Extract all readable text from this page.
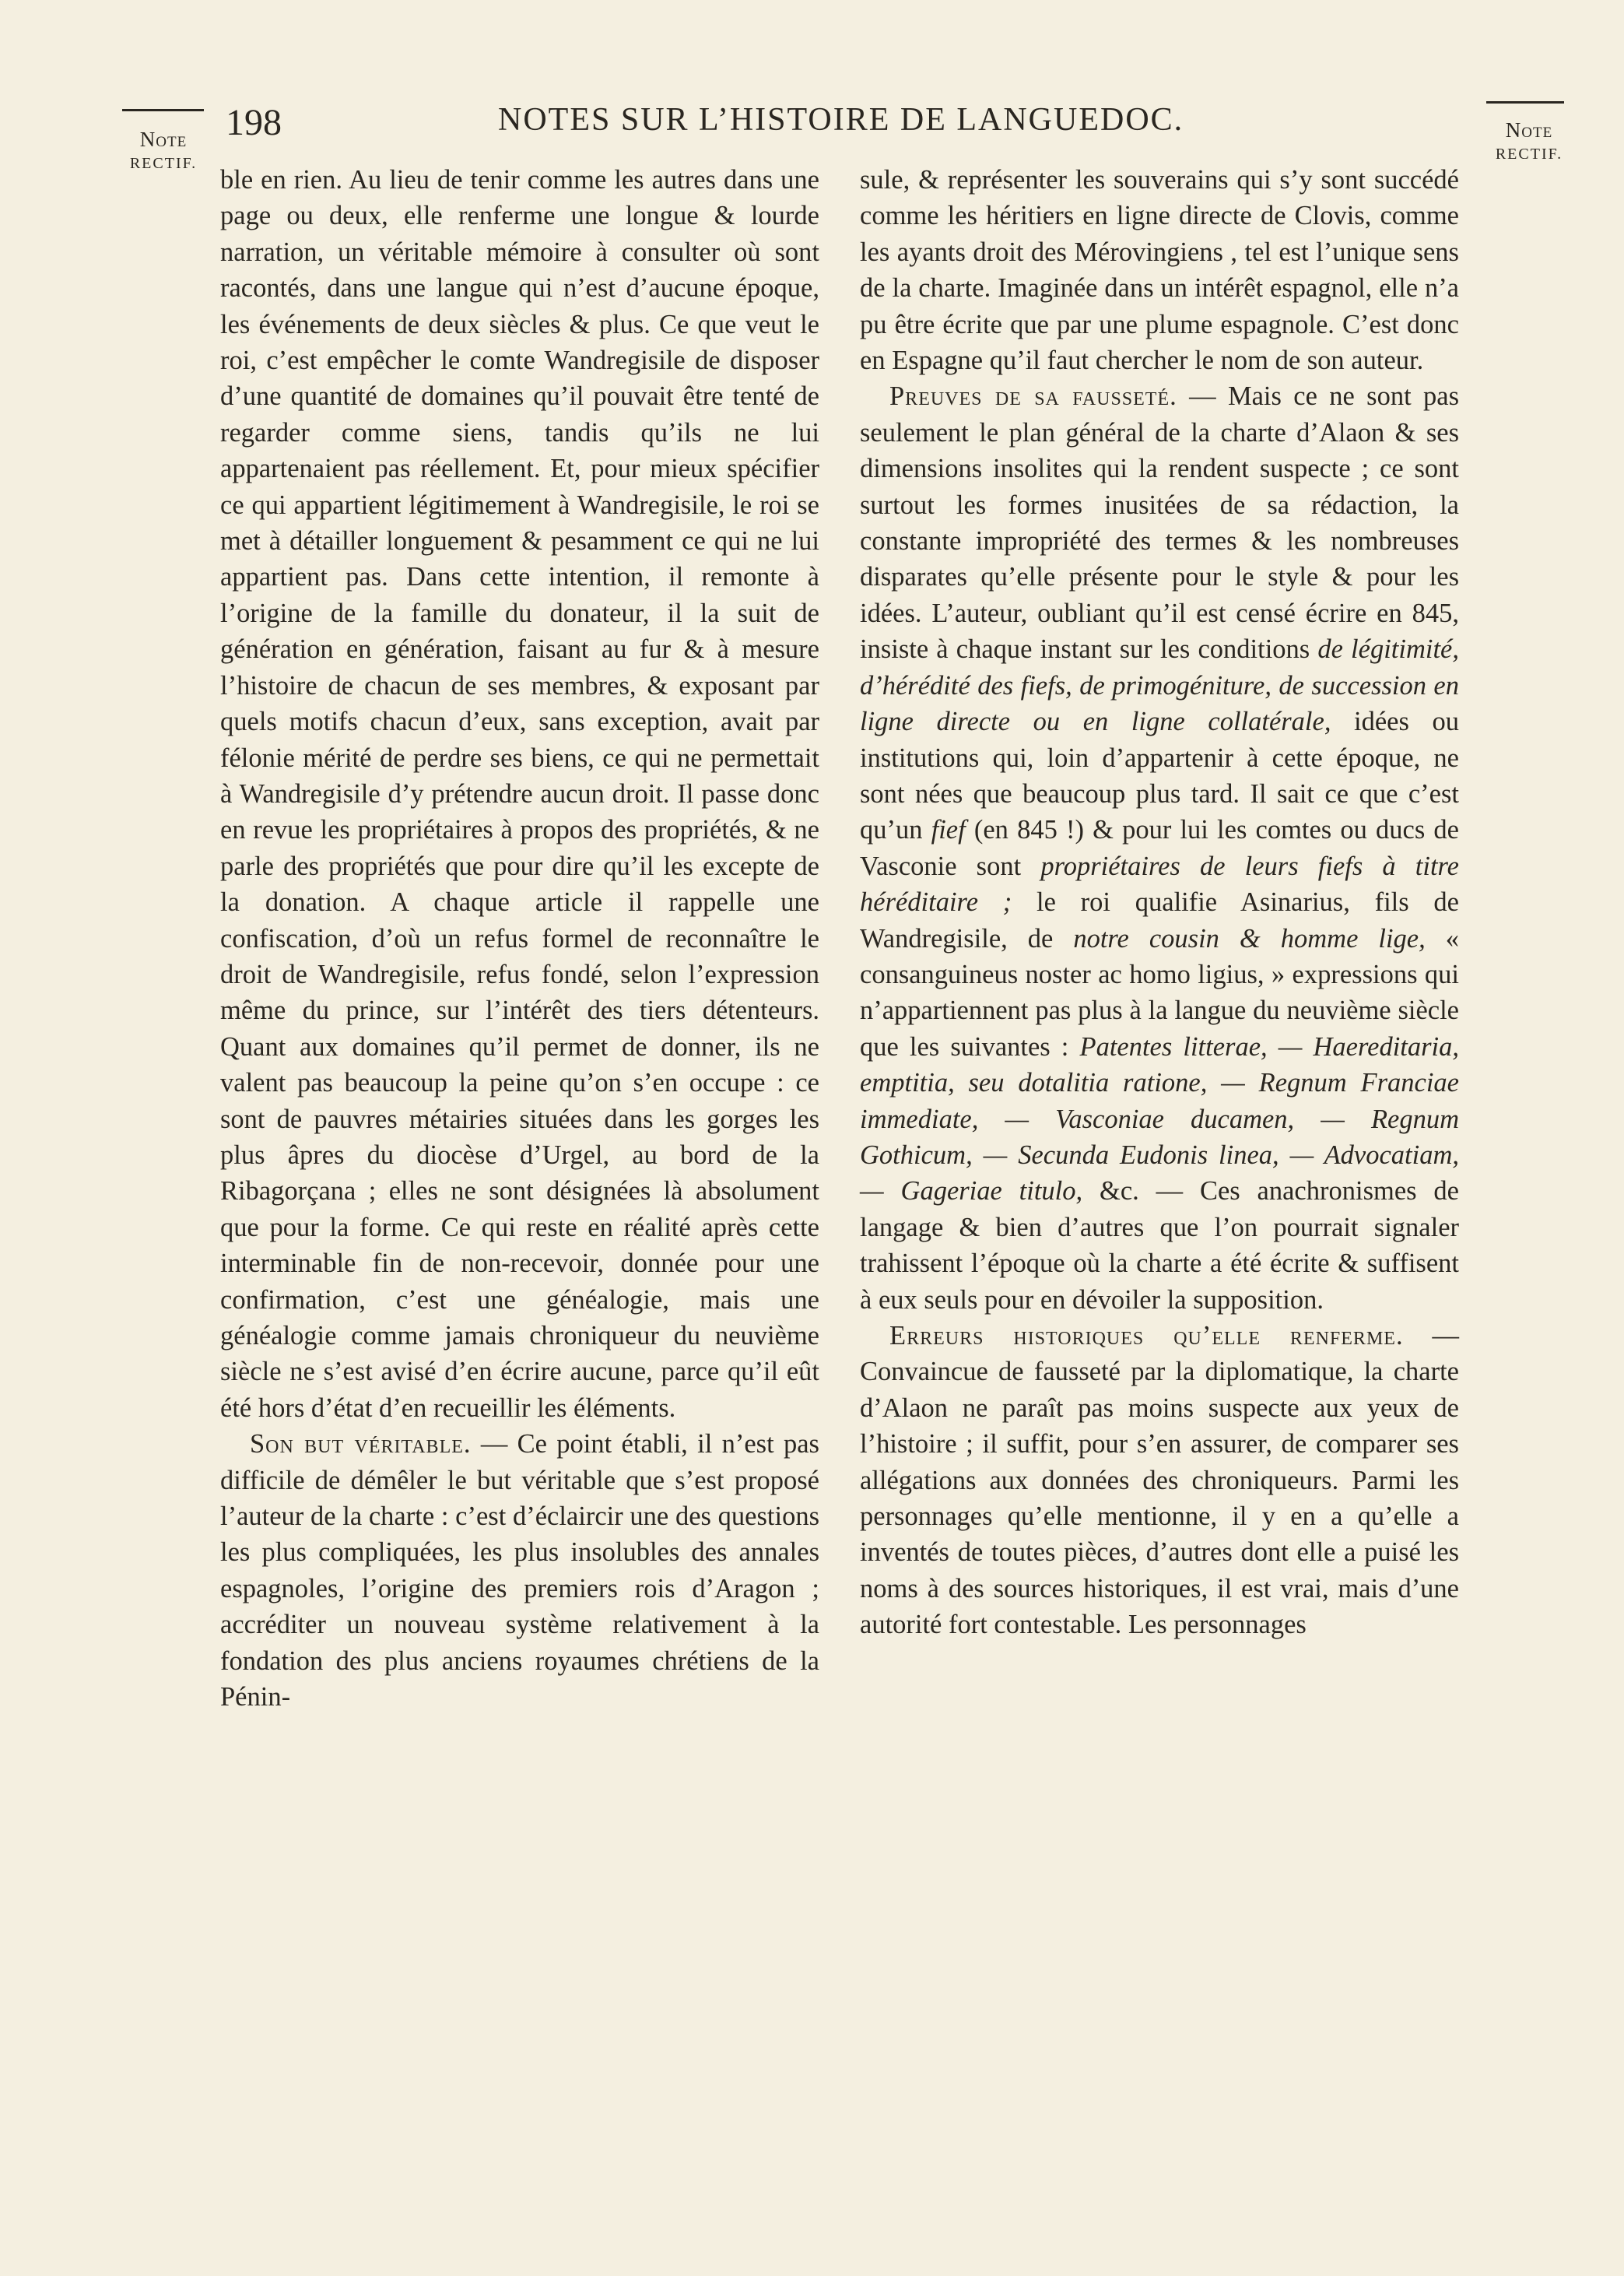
Note
RECTIF.
Note
RECTIF.
198	NOTES SUR L’HISTOIRE DE LANGUEDOC.

ble en rien. Au lieu de tenir comme les autres dans une page ou deux, elle renferme une longue & lourde narration, un véritable mémoire à consulter où sont racontés, dans une langue qui n’est d’aucune époque, les événements de deux siècles & plus. Ce que veut le roi, c’est empêcher le comte Wandregisile de disposer d’une quantité de domaines qu’il pouvait être tenté de regarder comme siens, tandis qu’ils ne lui appartenaient pas réellement. Et, pour mieux spécifier ce qui appartient légitimement à Wandregisile, le roi se met à détailler longuement & pesamment ce qui ne lui appartient pas. Dans cette intention, il remonte à l’origine de la famille du donateur, il la suit de génération en génération, faisant au fur & à mesure l’histoire de chacun de ses membres, & exposant par quels motifs chacun d’eux, sans exception, avait par félonie mérité de perdre ses biens, ce qui ne permettait à Wandregisile d’y prétendre aucun droit. Il passe donc en revue les propriétaires à propos des propriétés, & ne parle des propriétés que pour dire qu’il les excepte de la donation. A chaque article il rappelle une confiscation, d’où un refus formel de reconnaître le droit de Wandregisile, refus fondé, selon l’expression même du prince, sur l’intérêt des tiers détenteurs. Quant aux domaines qu’il permet de donner, ils ne valent pas beaucoup la peine qu’on s’en occupe : ce sont de pauvres métairies situées dans les gorges les plus âpres du diocèse d’Urgel, au bord de la Ribagorçana ; elles ne sont désignées là absolument que pour la forme. Ce qui reste en réalité après cette interminable fin de non-recevoir, donnée pour une confirmation, c’est une généalogie, mais une généalogie comme jamais chroniqueur du neuvième siècle ne s’est avisé d’en écrire aucune, parce qu’il eût été hors d’état d’en recueillir les éléments.

Son but véritable. — Ce point établi, il n’est pas difficile de démêler le but véritable que s’est proposé l’auteur de la charte : c’est d’éclaircir une des questions les plus compliquées, les plus insolubles des annales espagnoles, l’origine des premiers rois d’Aragon ; accréditer un nouveau système relativement à la fondation des plus anciens royaumes chrétiens de la Pénin-

sule, & représenter les souverains qui s’y sont succédé comme les héritiers en ligne directe de Clovis, comme les ayants droit des Mérovingiens , tel est l’unique sens de la charte. Imaginée dans un intérêt espagnol, elle n’a pu être écrite que par une plume espagnole. C’est donc en Espagne qu’il faut chercher le nom de son auteur.

Preuves de sa fausseté. — Mais ce ne sont pas seulement le plan général de la charte d’Alaon & ses dimensions insolites qui la rendent suspecte ; ce sont surtout les formes inusitées de sa rédaction, la constante impropriété des termes & les nombreuses disparates qu’elle présente pour le style & pour les idées. L’auteur, oubliant qu’il est censé écrire en 845, insiste à chaque instant sur les conditions de légitimité, d’hérédité des fiefs, de primogéniture, de succession en ligne directe ou en ligne collatérale, idées ou institutions qui, loin d’appartenir à cette époque, ne sont nées que beaucoup plus tard. Il sait ce que c’est qu’un fief (en 845 !) & pour lui les comtes ou ducs de Vasconie sont propriétaires de leurs fiefs à titre héréditaire ; le roi qualifie Asinarius, fils de Wandregisile, de notre cousin & homme lige, « consanguineus noster ac homo ligius, » expressions qui n’appartiennent pas plus à la langue du neuvième siècle que les suivantes : Patentes litterae, — Haereditaria, emptitia, seu dotalitia ratione, — Regnum Franciae immediate, — Vasconiae ducamen, — Regnum Gothicum, — Secunda Eudonis linea, — Advocatiam, — Gageriae titulo, &c. — Ces anachronismes de langage & bien d’autres que l’on pourrait signaler trahissent l’époque où la charte a été écrite & suffisent à eux seuls pour en dévoiler la supposition.

Erreurs historiques qu’elle renferme. — Convaincue de fausseté par la diplomatique, la charte d’Alaon ne paraît pas moins suspecte aux yeux de l’histoire ; il suffit, pour s’en assurer, de comparer ses allégations aux données des chroniqueurs. Parmi les personnages qu’elle mentionne, il y en a qu’elle a inventés de toutes pièces, d’autres dont elle a puisé les noms à des sources historiques, il est vrai, mais d’une autorité fort contestable. Les personnages
